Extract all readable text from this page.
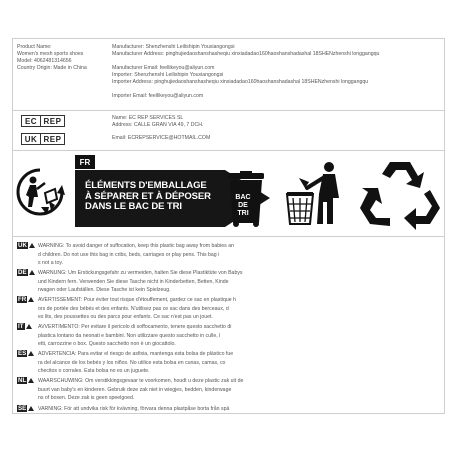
Product Name:
Women's mesh sports shoes
Model: 4062481314656
Country Origin: Made in China
Manufacturer: Shenzhenshi Leilishipin Youxiangongsi
Manufacturer Address: pinghujiedaoshanshasheqiu xinxiadadao160haoshanshadashal 18SHENzhenshi longgangqu
Manufacturer Email: feellikeyou@aliyun.com
Importer: Shenzhenshi Leilishipin Youxiangongsi
Importer Address: pinghujiedaoshanshasheqiu xinxiadadao160haoshanshadashal 18SHENzhenshi longgangqu
Importer Email: feellikeyou@aliyun.com
EC REP
UK REP
Name: EC REP SERVICES SL
Address: CALLE GRAN VIA 49, 7 DCH.
Email: ECREPSERVICE@HOTMAIL.COM
FR
ÉLÉMENTS D'EMBALLAGE
À SÉPARER ET À DÉPOSER
DANS LE BAC DE TRI
BAC
DE
TRI
UK WARNING: To avoid danger of suffocation, keep this plastic bag away from babies an
d children. Do not use this bag in cribs, beds, carriages or play pens. This bag i
s not a toy.
DE WARNUNG: Um Erstickungsgefahr zu vermeiden, halten Sie diese Plastiktüte von Babys
und Kindern fern. Verwenden Sie diese Tasche nicht in Kinderbetten, Betten, Kinde
rwagen oder Laufställen. Diese Tasche ist kein Spielzeug.
FR AVERTISSEMENT: Pour éviter tout risque d'étouffement, gardez ce sac en plastique h
ors de portée des bébés et des enfants. N'utilisez pas ce sac dans des berceaux, d
es lits, des poussettes ou des parcs pour enfants. Ce sac n'est pas un jouet.
IT	AVVERTIMENTO: Per evitare il pericolo di soffocamento, tenere questo sacchetto di
plastica lontano da neonati e bambini. Non utilizzare questo sacchetto in culle, l
etti, carrozzine o box. Questo sacchetto non è un giocattolo.
ES ADVERTENCIA: Para evitar el riesgo de asfixia, mantenga esta bolsa de plástico fue
ra del alcance de los bebés y los niños. No utilice esta bolsa en cunas, camas, co
checitos o corrales. Esta bolsa no es un juguete.
NL WAARSCHUWING: Om verstikkingsgevaar te voorkomen, houdt u deze plastic zak uit de
buurt van baby's en kinderen. Gebruik deze zak niet in wiegjes, bedden, kinderwage
ns of boxen. Deze zak is geen speelgoed.
SE VARNING: För att undvika risk för kvävning, förvara denna plastpåse borta från spä
